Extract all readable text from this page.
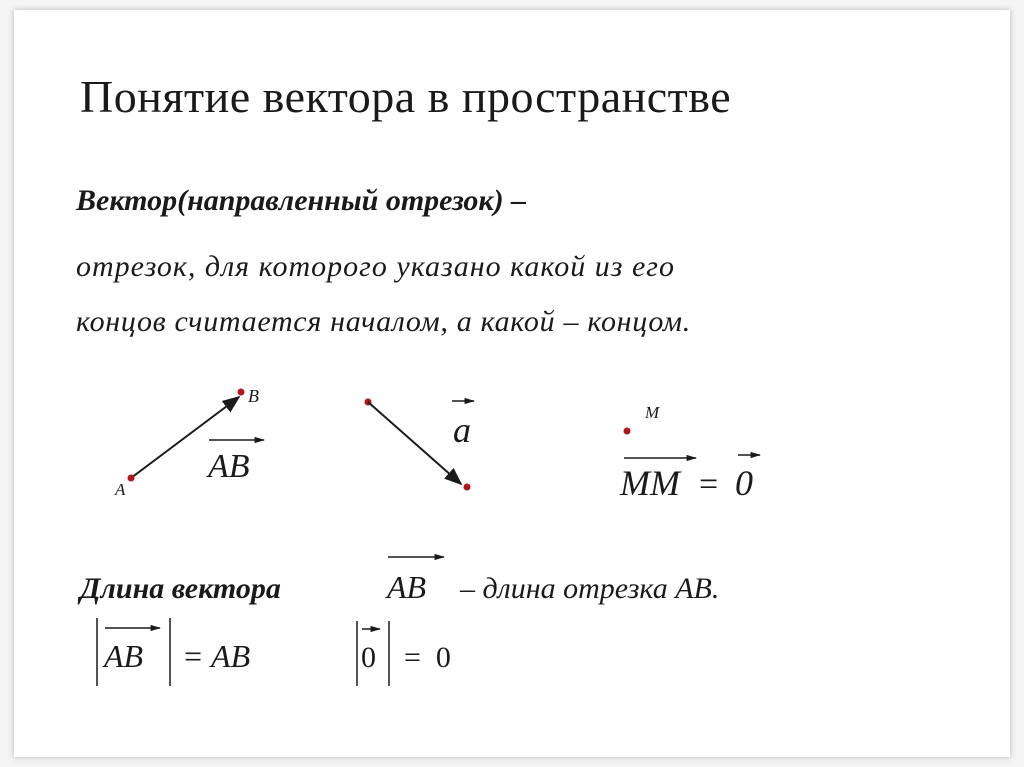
Понятие вектора в пространстве
Вектор(направленный отрезок) –
отрезок, для которого указано какой из его
концов считается началом, а какой – концом.
A
B
AB
a	M
MM = 0
Длина вектора	AB – длина отрезка AB.
AB = AB	0 =  0
